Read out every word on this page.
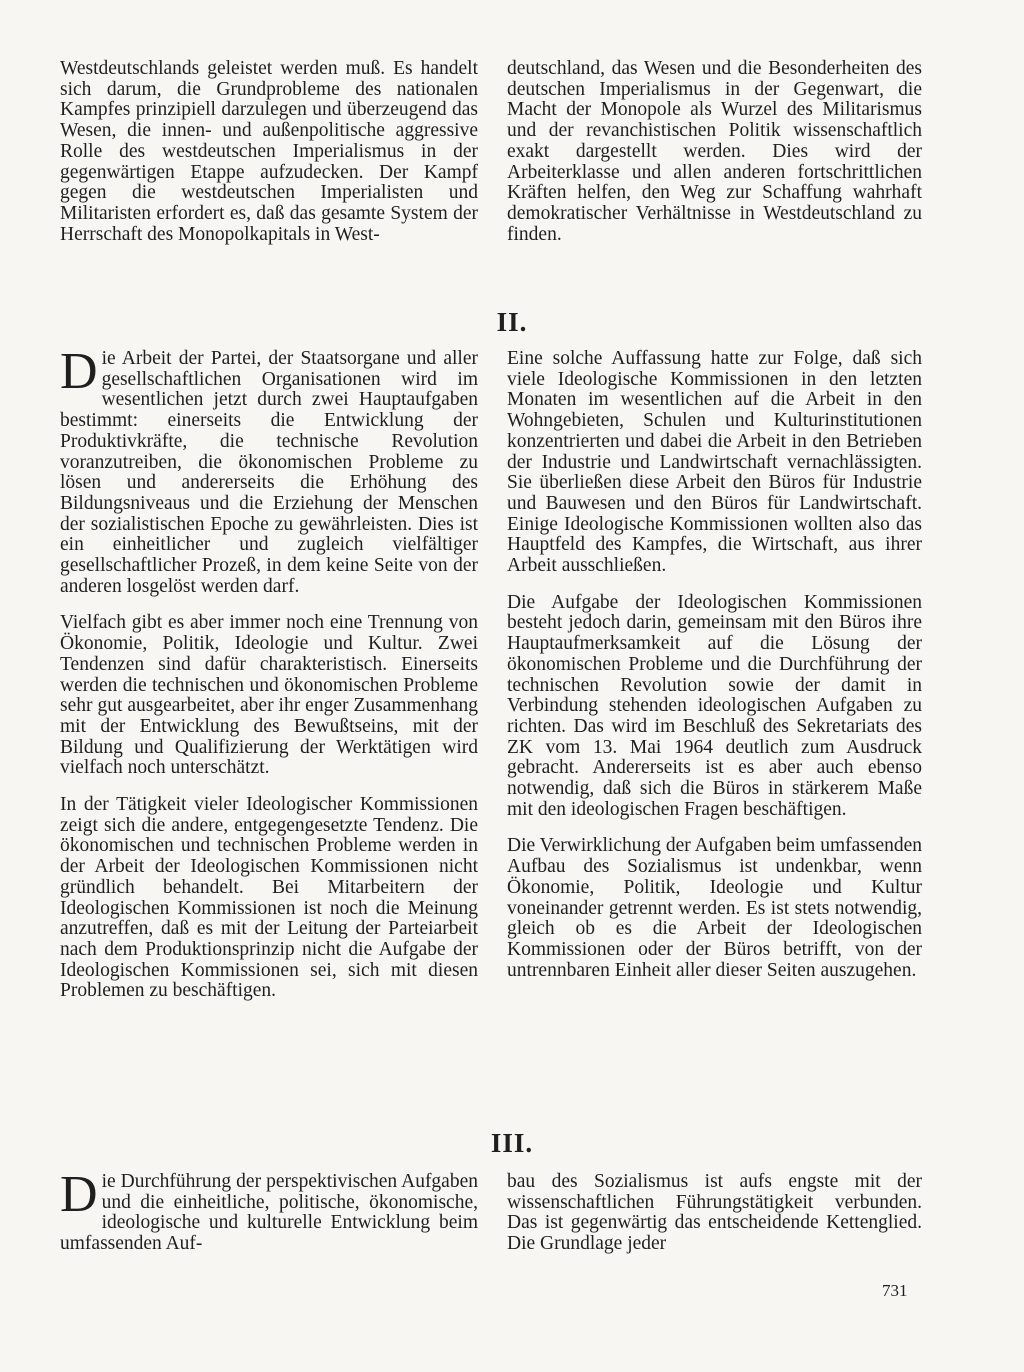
Westdeutschlands geleistet werden muß. Es handelt sich darum, die Grundprobleme des nationalen Kampfes prinzipiell darzulegen und überzeugend das Wesen, die innen- und außenpolitische aggressive Rolle des westdeutschen Imperialismus in der gegenwärtigen Etappe aufzudecken. Der Kampf gegen die westdeutschen Imperialisten und Militaristen erfordert es, daß das gesamte System der Herrschaft des Monopolkapitals in West-

deutschland, das Wesen und die Besonderheiten des deutschen Imperialismus in der Gegenwart, die Macht der Monopole als Wurzel des Militarismus und der revanchistischen Politik wissenschaftlich exakt dargestellt werden. Dies wird der Arbeiterklasse und allen anderen fortschrittlichen Kräften helfen, den Weg zur Schaffung wahrhaft demokratischer Verhältnisse in Westdeutschland zu finden.

II.

Die Arbeit der Partei, der Staatsorgane und aller gesellschaftlichen Organisationen wird im wesentlichen jetzt durch zwei Hauptaufgaben bestimmt: einerseits die Entwicklung der Produktivkräfte, die technische Revolution voranzutreiben, die ökonomischen Probleme zu lösen und andererseits die Erhöhung des Bildungsniveaus und die Erziehung der Menschen der sozialistischen Epoche zu gewährleisten. Dies ist ein einheitlicher und zugleich vielfältiger gesellschaftlicher Prozeß, in dem keine Seite von der anderen losgelöst werden darf.

Vielfach gibt es aber immer noch eine Trennung von Ökonomie, Politik, Ideologie und Kultur. Zwei Tendenzen sind dafür charakteristisch. Einerseits werden die technischen und ökonomischen Probleme sehr gut ausgearbeitet, aber ihr enger Zusammenhang mit der Entwicklung des Bewußtseins, mit der Bildung und Qualifizierung der Werktätigen wird vielfach noch unterschätzt.

In der Tätigkeit vieler Ideologischer Kommissionen zeigt sich die andere, entgegengesetzte Tendenz. Die ökonomischen und technischen Probleme werden in der Arbeit der Ideologischen Kommissionen nicht gründlich behandelt. Bei Mitarbeitern der Ideologischen Kommissionen ist noch die Meinung anzutreffen, daß es mit der Leitung der Parteiarbeit nach dem Produktionsprinzip nicht die Aufgabe der Ideologischen Kommissionen sei, sich mit diesen Problemen zu beschäftigen.

Eine solche Auffassung hatte zur Folge, daß sich viele Ideologische Kommissionen in den letzten Monaten im wesentlichen auf die Arbeit in den Wohngebieten, Schulen und Kulturinstitutionen konzentrierten und dabei die Arbeit in den Betrieben der Industrie und Landwirtschaft vernachlässigten. Sie überließen diese Arbeit den Büros für Industrie und Bauwesen und den Büros für Landwirtschaft. Einige Ideologische Kommissionen wollten also das Hauptfeld des Kampfes, die Wirtschaft, aus ihrer Arbeit ausschließen.

Die Aufgabe der Ideologischen Kommissionen besteht jedoch darin, gemeinsam mit den Büros ihre Hauptaufmerksamkeit auf die Lösung der ökonomischen Probleme und die Durchführung der technischen Revolution sowie der damit in Verbindung stehenden ideologischen Aufgaben zu richten. Das wird im Beschluß des Sekretariats des ZK vom 13. Mai 1964 deutlich zum Ausdruck gebracht. Andererseits ist es aber auch ebenso notwendig, daß sich die Büros in stärkerem Maße mit den ideologischen Fragen beschäftigen.

Die Verwirklichung der Aufgaben beim umfassenden Aufbau des Sozialismus ist undenkbar, wenn Ökonomie, Politik, Ideologie und Kultur voneinander getrennt werden. Es ist stets notwendig, gleich ob es die Arbeit der Ideologischen Kommissionen oder der Büros betrifft, von der untrennbaren Einheit aller dieser Seiten auszugehen.

III.

Die Durchführung der perspektivischen Aufgaben und die einheitliche, politische, ökonomische, ideologische und kulturelle Entwicklung beim umfassenden Auf-

bau des Sozialismus ist aufs engste mit der wissenschaftlichen Führungstätigkeit verbunden. Das ist gegenwärtig das entscheidende Kettenglied. Die Grundlage jeder

731
